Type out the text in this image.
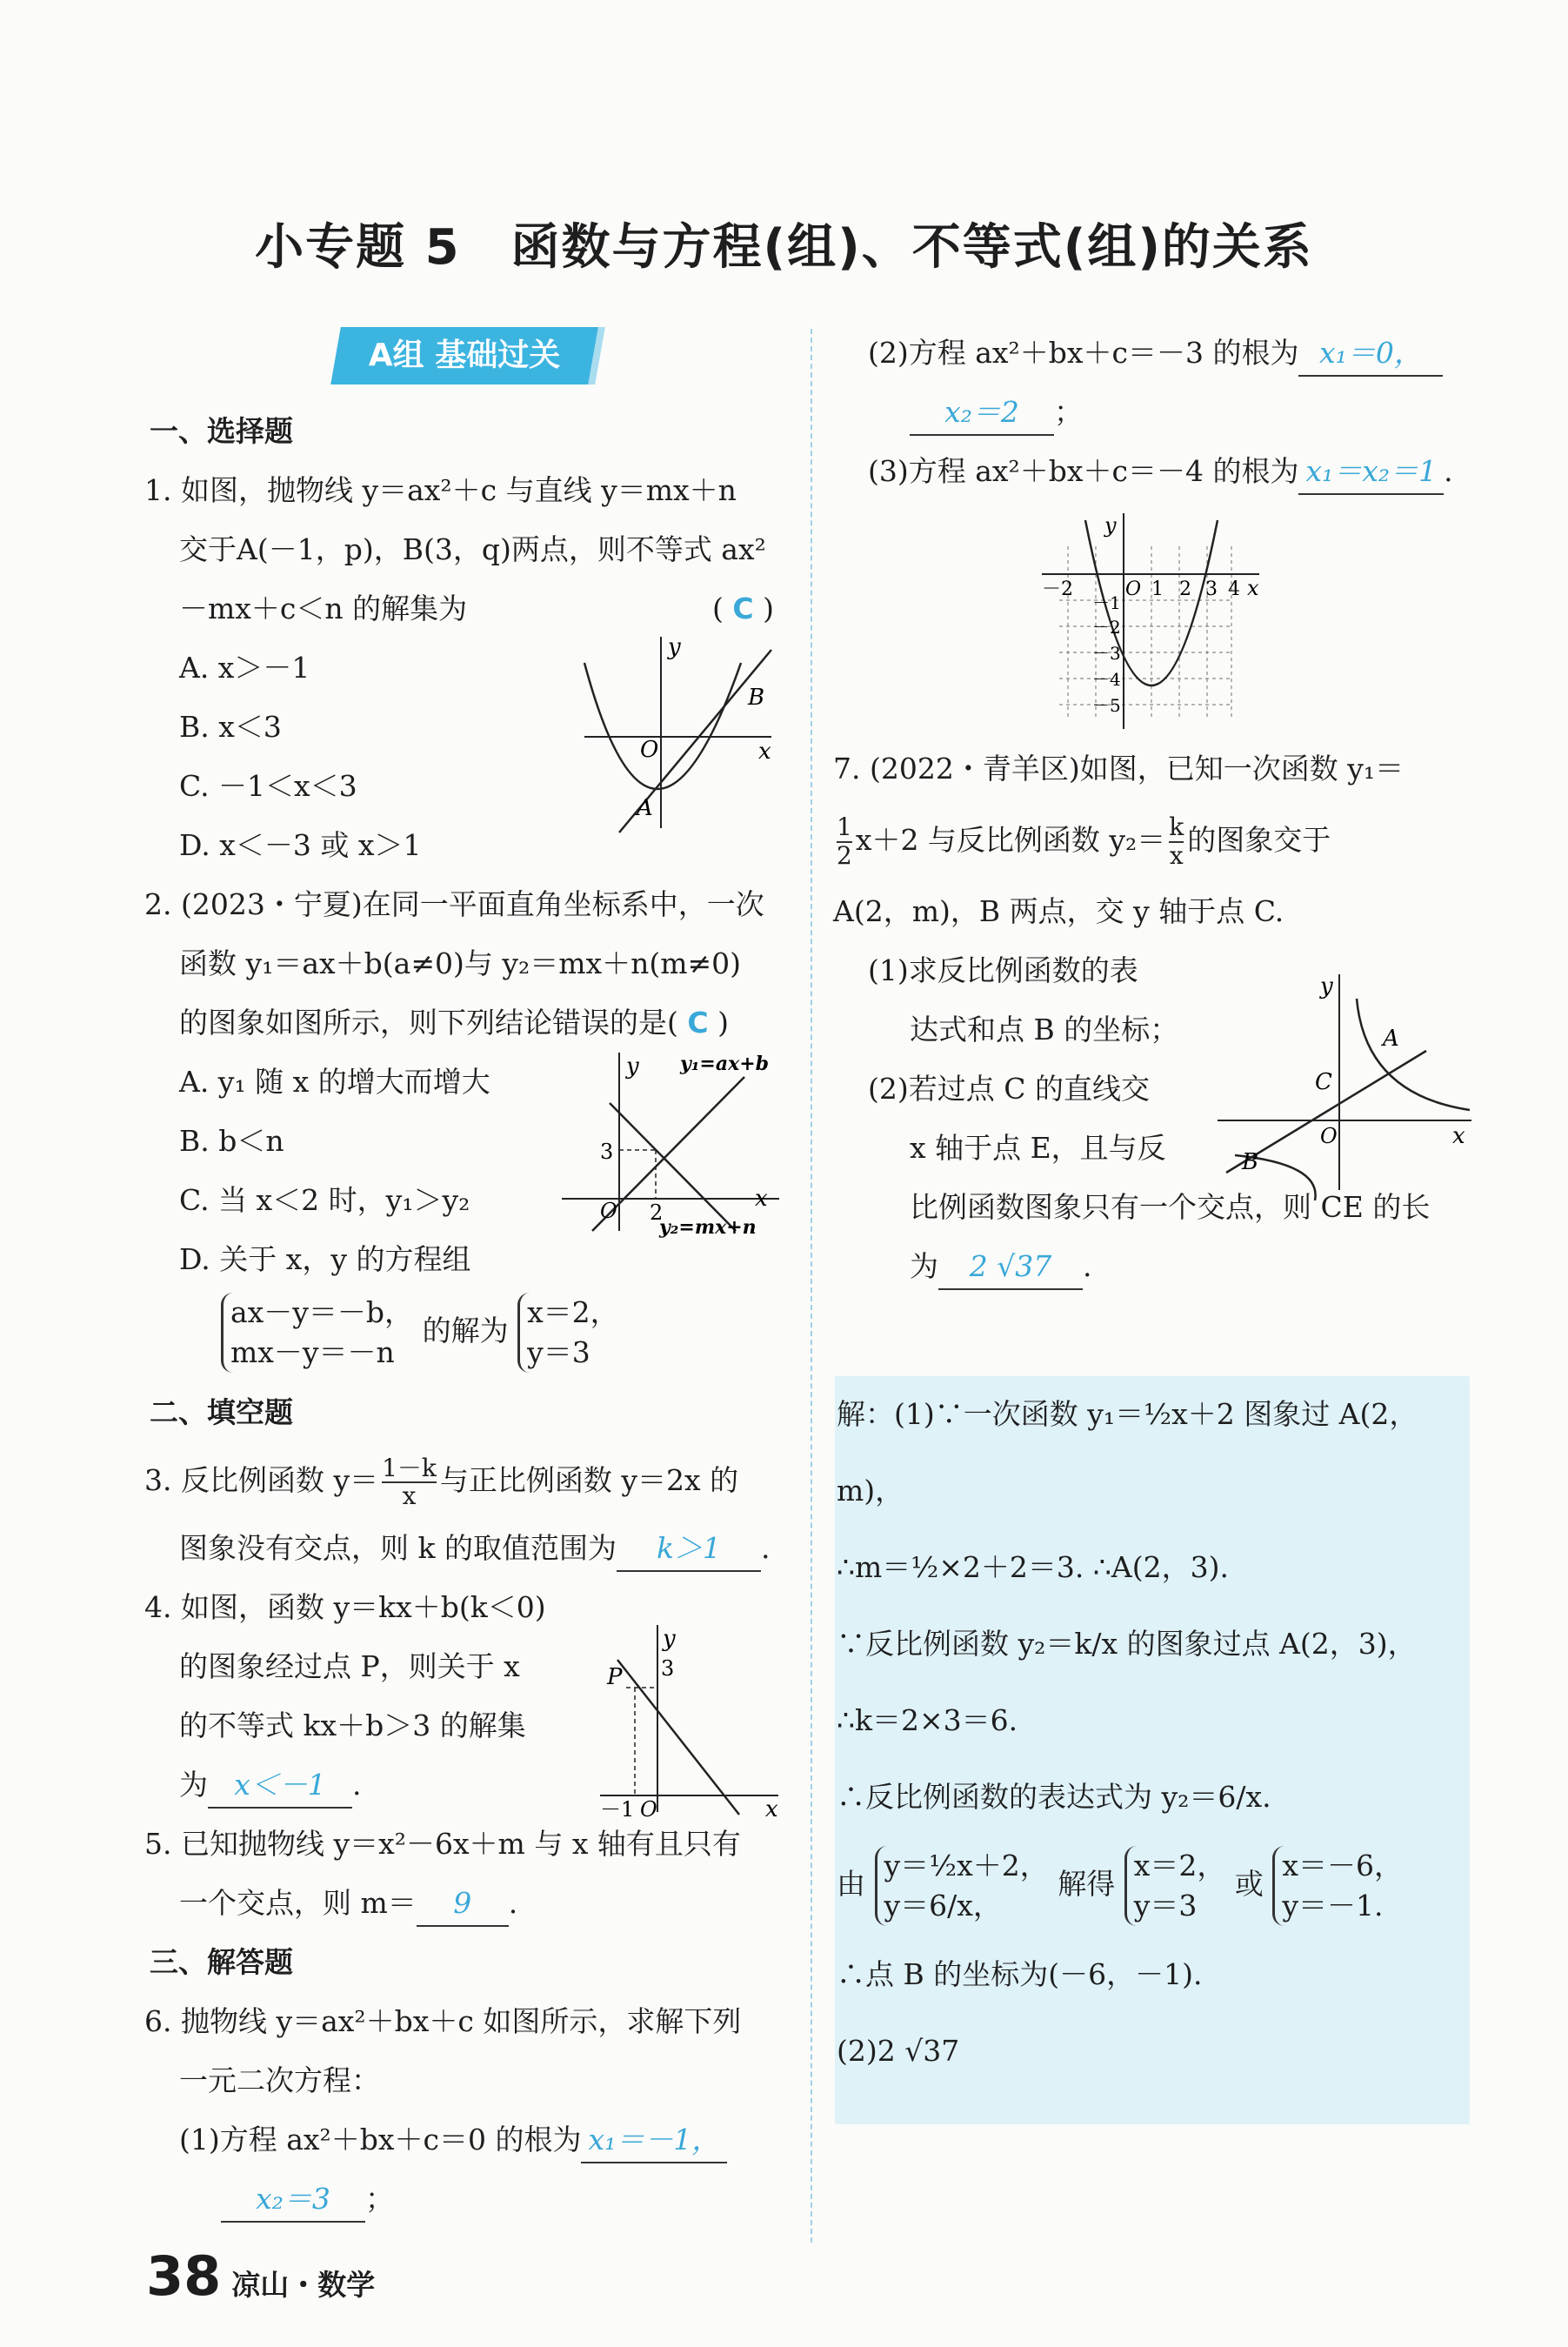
小专题 5　函数与方程(组)、不等式(组)的关系
A组 基础过关
一、选择题

1. 如图，抛物线 y＝ax²＋c 与直线 y＝mx＋n

交于A(－1，p)，B(3，q)两点，则不等式 ax²

－mx＋c＜n 的解集为	( C )

A. x＞－1

B. x＜3

C. －1＜x＜3

D. x＜－3 或 x＞1

2. (2023・宁夏)在同一平面直角坐标系中，一次

函数 y₁＝ax＋b(a≠0)与 y₂＝mx＋n(m≠0)

的图象如图所示，则下列结论错误的是( C )

A. y₁ 随 x 的增大而增大

B. b＜n

C. 当 x＜2 时，y₁＞y₂

D. 关于 x，y 的方程组

ax－y＝－b，
mx－y＝－n 的解为 x＝2，
y＝3
二、填空题

3. 反比例函数 $y= \frac{1-k}{x}$ 与正比例函数 y＝2x 的

图象没有交点，则 k 的取值范围为 k＞1 .

4. 如图，函数 y＝kx＋b(k＜0)

的图象经过点 P，则关于 x

的不等式 kx＋b＞3 的解集

为 x＜－1 .

5. 已知抛物线 y＝x²－6x＋m 与 x 轴有且只有

一个交点，则 m＝ 9 .

三、解答题

6. 抛物线 y＝ax²＋bx＋c 如图所示，求解下列

一元二次方程：

(1)方程 ax²＋bx＋c＝0 的根为 x₁＝－1，

x₂＝3 ；

(2)方程 ax²＋bx＋c＝－3 的根为 x₁＝0，

x₂＝2 ；

(3)方程 ax²＋bx＋c＝－4 的根为 x₁＝x₂＝1 .

7. (2022・青羊区)如图，已知一次函数 y₁＝

$\frac{1}{2} x+2$ 与反比例函数 $y_2= \frac{k}{x}$ 的图象交于

A(2，m)，B 两点，交 y 轴于点 C.

(1)求反比例函数的表

达式和点 B 的坐标；

(2)若过点 C 的直线交

x 轴于点 E，且与反

比例函数图象只有一个交点，则 CE 的长

为 2 √37 .

解：(1)∵一次函数 y₁＝½x＋2 图象过 A(2，m)，
∴m＝½×2＋2＝3. ∴A(2，3).
∵反比例函数 y₂＝k/x 的图象过点 A(2，3)，
∴k＝2×3＝6.
∴反比例函数的表达式为 y₂＝6/x.
由 y＝½x＋2，
y＝6/x， 解得 x＝2，
y＝3 或 x＝－6，
y＝－1.
∴点 B 的坐标为(－6，－1).
(2)2 √37
y
x
O
A
B
y
x
O
3
2
y₁=ax+b
y₂=mx+n
y
x
O
P 3
－1
y
x
O
－2	1 2 3 4
－1
－2
－3
－4
－5
y
x
O
A
C
B
38 凉山・数学
